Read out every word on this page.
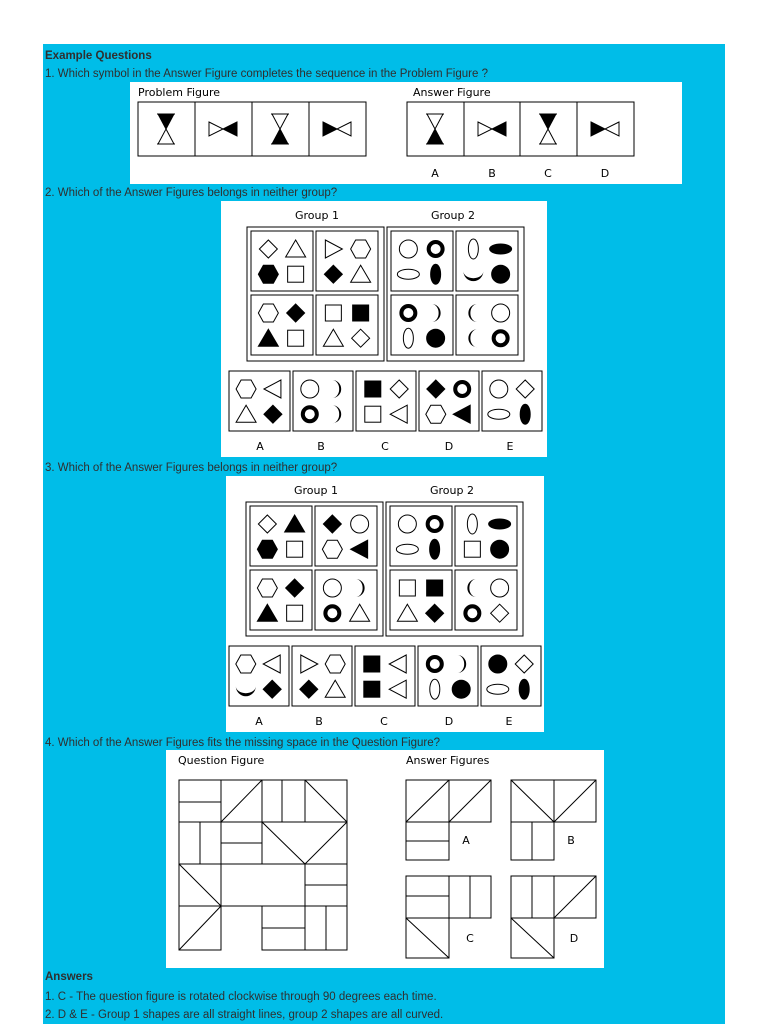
Example Questions
1. Which symbol in the Answer Figure completes the sequence in the Problem Figure ?
Problem Figure	Answer Figure
A	B	C	D
2. Which of the Answer Figures belongs in neither group?
Group 1	Group 2
A	B	C	D	E
3. Which of the Answer Figures belongs in neither group?
Group 1	Group 2
A	B	C	D	E
4. Which of the Answer Figures fits the missing space in the Question Figure?
Question Figure	Answer Figures
A	B
C	D
Answers
1. C - The question figure is rotated clockwise through 90 degrees each time.
2. D & E - Group 1 shapes are all straight lines, group 2 shapes are all curved.
